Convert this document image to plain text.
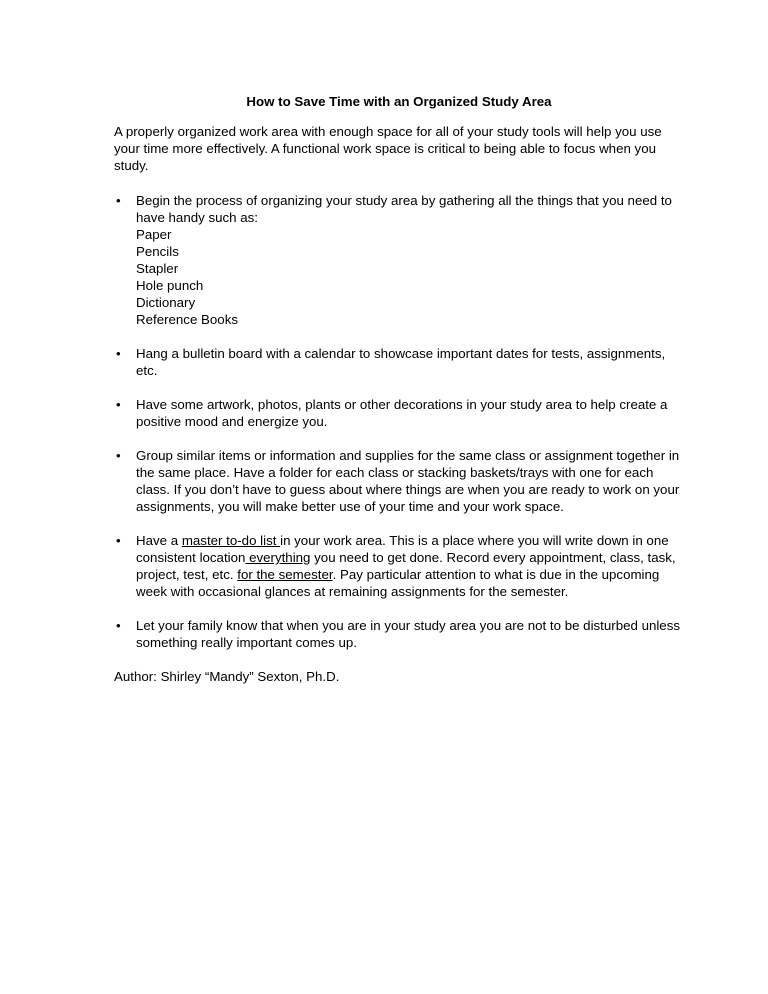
How to Save Time with an Organized Study Area

A properly organized work area with enough space for all of your study tools will help you use your time more effectively. A functional work space is critical to being able to focus when you study.

•	Begin the process of organizing your study area by gathering all the things that you need to have handy such as:
Paper
Pencils
Stapler
Hole punch
Dictionary
Reference Books
•	Hang a bulletin board with a calendar to showcase important dates for tests, assignments, etc.
•	Have some artwork, photos, plants or other decorations in your study area to help create a positive mood and energize you.
•	Group similar items or information and supplies for the same class or assignment together in the same place. Have a folder for each class or stacking baskets/trays with one for each class. If you don’t have to guess about where things are when you are ready to work on your assignments, you will make better use of your time and your work space.
•	Have a master to-do list in your work area. This is a place where you will write down in one consistent location everything you need to get done. Record every appointment, class, task, project, test, etc. for the semester. Pay particular attention to what is due in the upcoming week with occasional glances at remaining assignments for the semester.
•	Let your family know that when you are in your study area you are not to be disturbed unless something really important comes up.

Author: Shirley “Mandy” Sexton, Ph.D.
